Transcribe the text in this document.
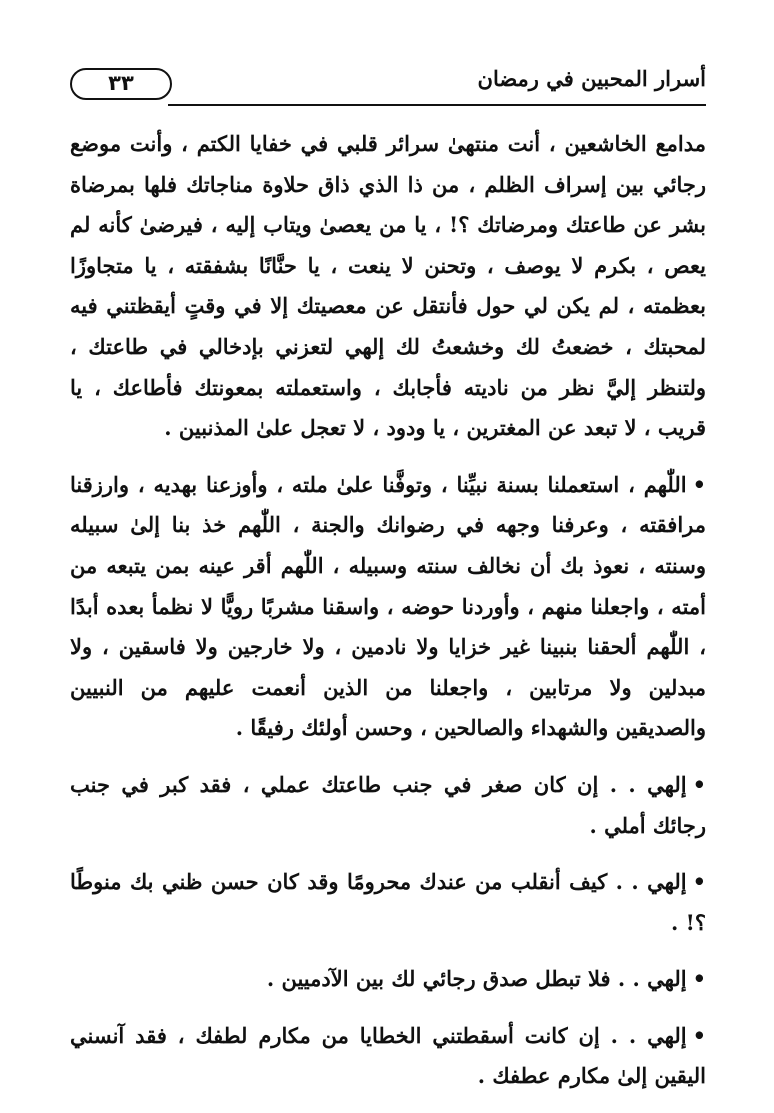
٣٣	أسرار المحبين في رمضان

مدامع الخاشعين ، أنت منتهىٰ سرائر قلبي في خفايا الكتم ، وأنت موضع رجائي بين إسراف الظلم ، من ذا الذي ذاق حلاوة مناجاتك فلها بمرضاة بشر عن طاعتك ومرضاتك ؟! ، يا من يعصىٰ ويتاب إليه ، فيرضىٰ كأنه لم يعص ، بكرم لا يوصف ، وتحنن لا ينعت ، يا حنَّانًا بشفقته ، يا متجاوزًا بعظمته ، لم يكن لي حول فأنتقل عن معصيتك إلا في وقتٍ أيقظتني فيه لمحبتك ، خضعتُ لك وخشعتُ لك إلهي لتعزني بإدخالي في طاعتك ، ولتنظر إليَّ نظر من ناديته فأجابك ، واستعملته بمعونتك فأطاعك ، يا قريب ، لا تبعد عن المغترين ، يا ودود ، لا تعجل علىٰ المذنبين .

•اللّٰهم ، استعملنا بسنة نبيِّنا ، وتوفَّنا علىٰ ملته ، وأوزعنا بهديه ، وارزقنا مرافقته ، وعرفنا وجهه في رضوانك والجنة ، اللّٰهم خذ بنا إلىٰ سبيله وسنته ، نعوذ بك أن نخالف سنته وسبيله ، اللّٰهم أقر عينه بمن يتبعه من أمته ، واجعلنا منهم ، وأوردنا حوضه ، واسقنا مشربًا رويًّا لا نظمأ بعده أبدًا ، اللّٰهم ألحقنا بنبينا غير خزايا ولا نادمين ، ولا خارجين ولا فاسقين ، ولا مبدلين ولا مرتابين ، واجعلنا من الذين أنعمت عليهم من النبيين والصديقين والشهداء والصالحين ، وحسن أولئك رفيقًا .

•إلهي . . إن كان صغر في جنب طاعتك عملي ، فقد كبر في جنب رجائك أملي .

•إلهي . . كيف أنقلب من عندك محرومًا وقد كان حسن ظني بك منوطًا ؟! .

•إلهي . . فلا تبطل صدق رجائي لك بين الآدميين .

•إلهي . . إن كانت أسقطتني الخطايا من مكارم لطفك ، فقد آنسني اليقين إلىٰ مكارم عطفك .
